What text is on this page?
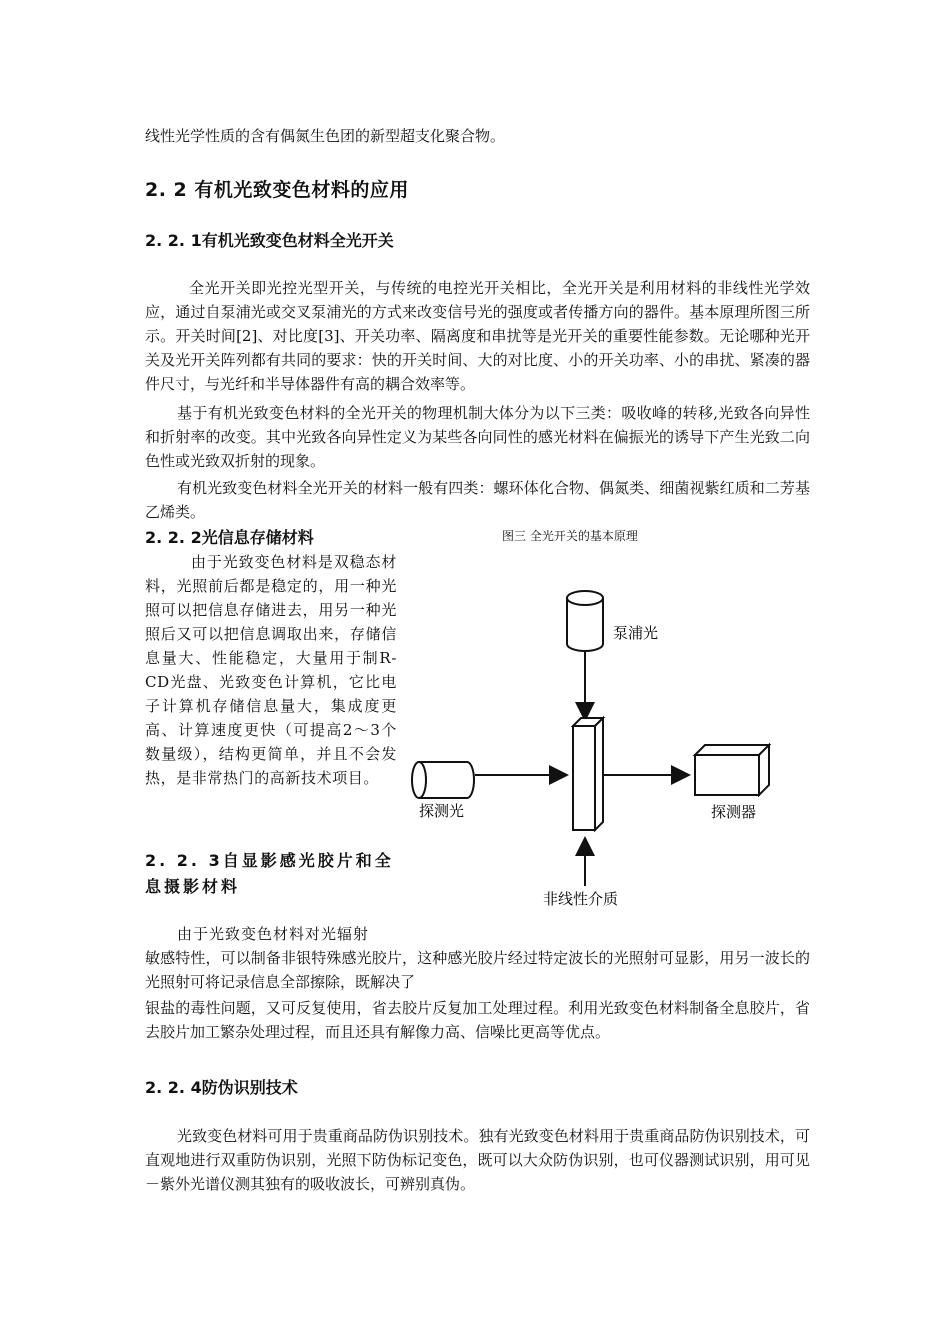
线性光学性质的含有偶氮生色团的新型超支化聚合物。

2. 2 有机光致变色材料的应用
2. 2. 1有机光致变色材料全光开关

全光开关即光控光型开关，与传统的电控光开关相比，全光开关是利用材料的非线性光学效应，通过自泵浦光或交叉泵浦光的方式来改变信号光的强度或者传播方向的器件。基本原理所图三所示。开关时间[2]、对比度[3]、开关功率、隔离度和串扰等是光开关的重要性能参数。无论哪种光开关及光开关阵列都有共同的要求：快的开关时间、大的对比度、小的开关功率、小的串扰、紧凑的器件尺寸，与光纤和半导体器件有高的耦合效率等。

基于有机光致变色材料的全光开关的物理机制大体分为以下三类：吸收峰的转移,光致各向异性和折射率的改变。其中光致各向异性定义为某些各向同性的感光材料在偏振光的诱导下产生光致二向色性或光致双折射的现象。

有机光致变色材料全光开关的材料一般有四类：螺环体化合物、偶氮类、细菌视紫红质和二芳基乙烯类。

2. 2. 2光信息存储材料

由于光致变色材料是双稳态材料，光照前后都是稳定的，用一种光照可以把信息存储进去，用另一种光照后又可以把信息调取出来，存储信息量大、性能稳定，大量用于制R-CD光盘、光致变色计算机，它比电子计算机存储信息量大，集成度更高、计算速度更快（可提高2～3个数量级），结构更简单，并且不会发热，是非常热门的高新技术项目。

2. 2. 3自显影感光胶片和全息摄影材料

由于光致变色材料对光辐射

敏感特性，可以制备非银特殊感光胶片，这种感光胶片经过特定波长的光照射可显影，用另一波长的光照射可将记录信息全部擦除，既解决了

银盐的毒性问题，又可反复使用，省去胶片反复加工处理过程。利用光致变色材料制备全息胶片，省去胶片加工繁杂处理过程，而且还具有解像力高、信噪比更高等优点。

2. 2. 4防伪识别技术

光致变色材料可用于贵重商品防伪识别技术。独有光致变色材料用于贵重商品防伪识别技术，可直观地进行双重防伪识别，光照下防伪标记变色，既可以大众防伪识别，也可仪器测试识别，用可见－紫外光谱仪测其独有的吸收波长，可辨别真伪。

图三 全光开关的基本原理
泵浦光
探测光	探测器
非线性介质
